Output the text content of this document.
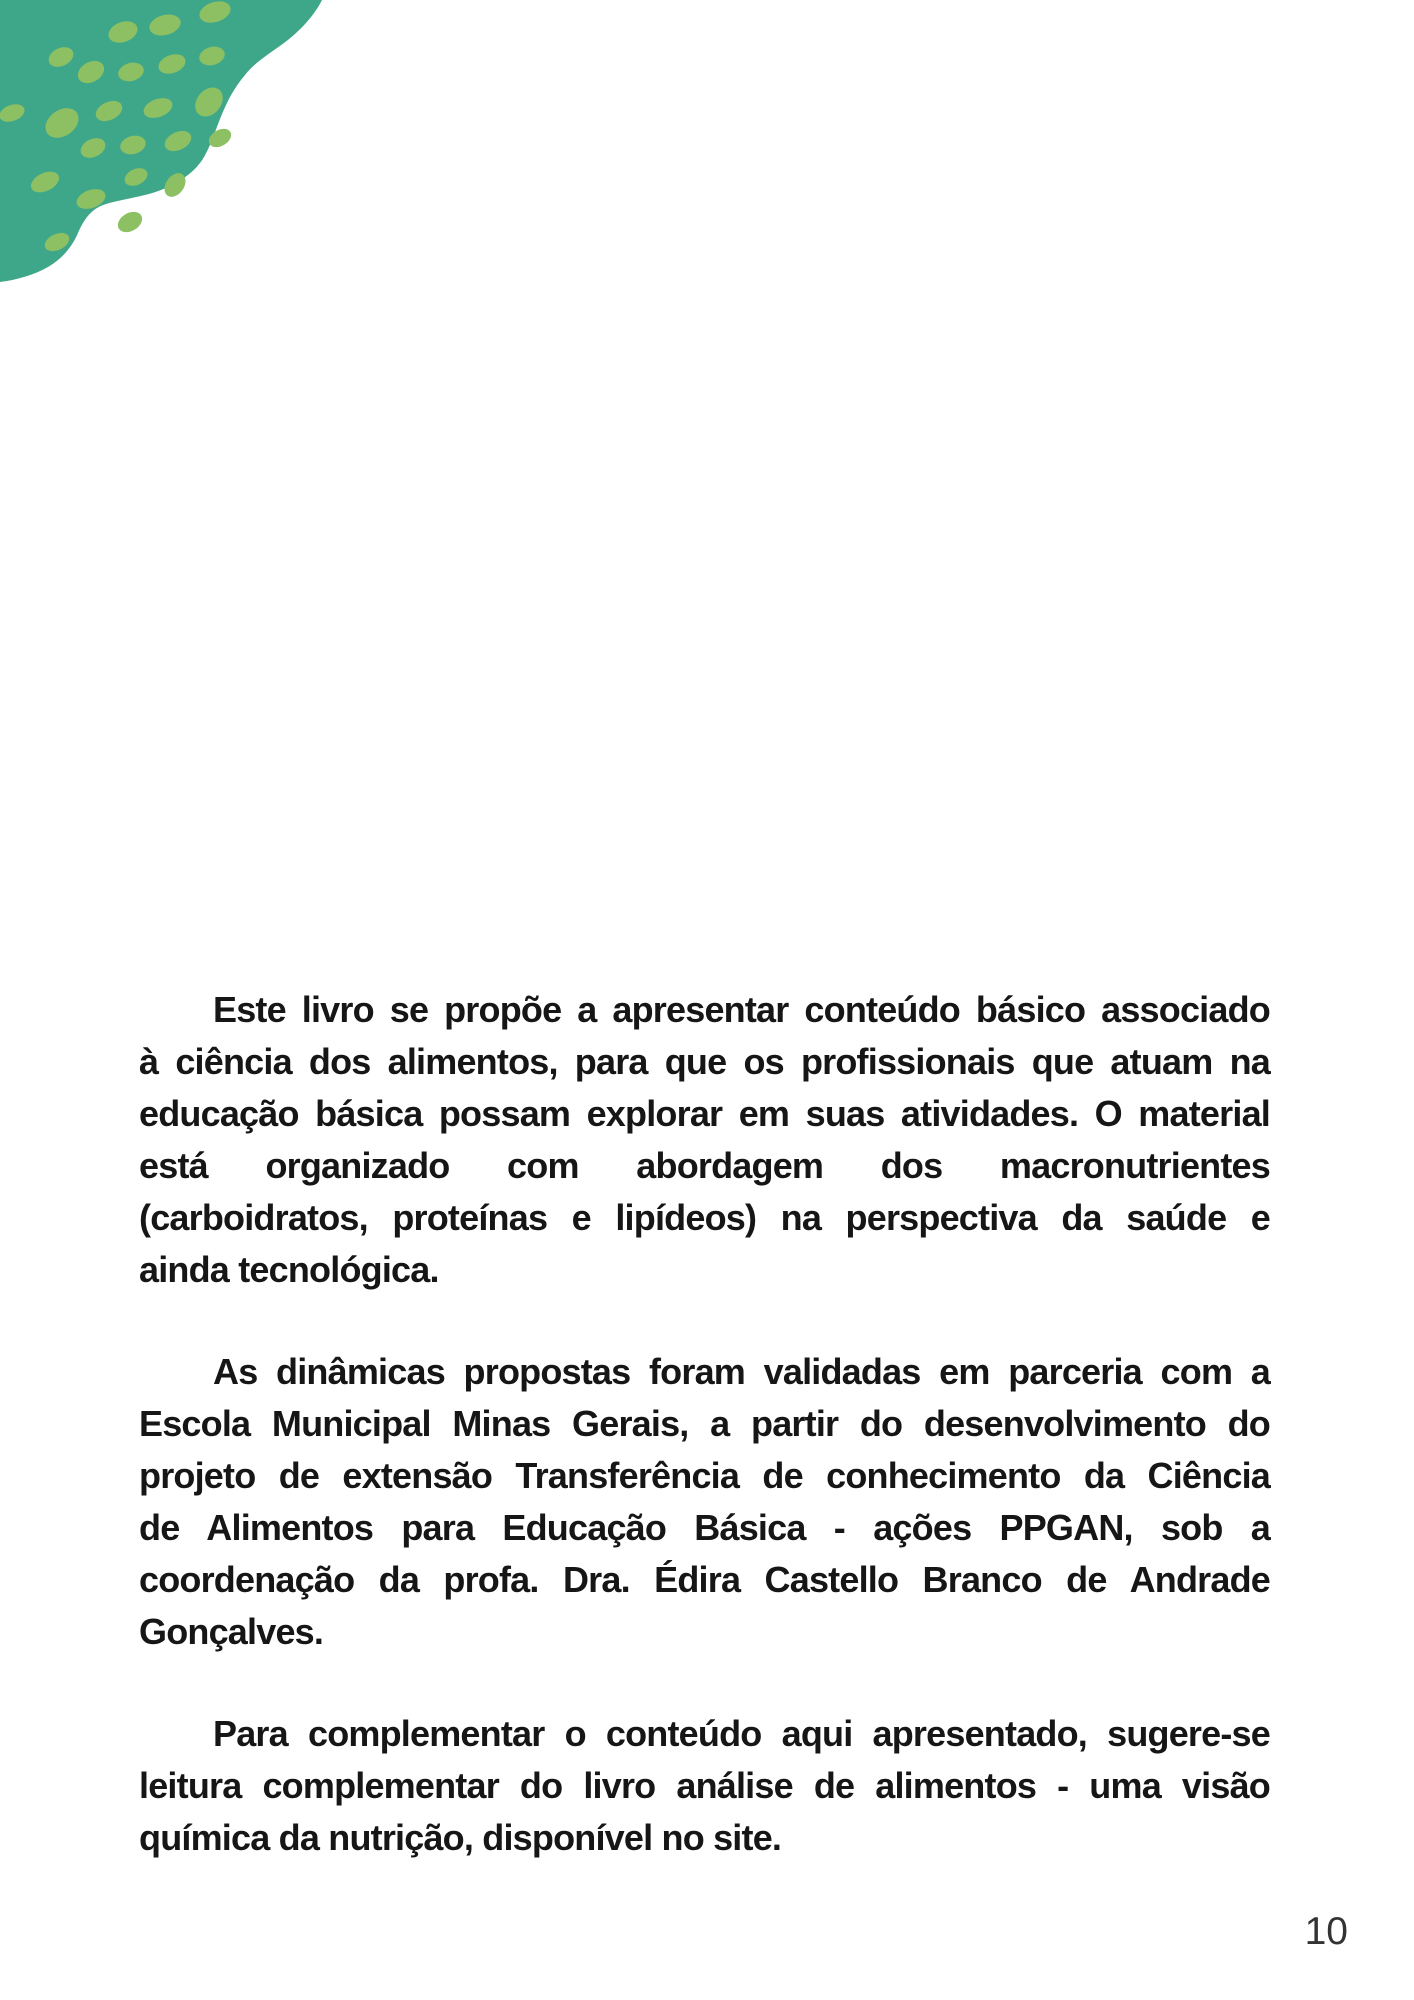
Este livro se propõe a apresentar conteúdo básico associado
à ciência dos alimentos, para que os profissionais que atuam na
educação básica possam explorar em suas atividades. O material
está organizado com abordagem dos macronutrientes
(carboidratos, proteínas e lipídeos) na perspectiva da saúde e
ainda tecnológica.
As dinâmicas propostas foram validadas em parceria com a
Escola Municipal Minas Gerais, a partir do desenvolvimento do
projeto de extensão Transferência de conhecimento da Ciência
de Alimentos para Educação Básica - ações PPGAN, sob a
coordenação da profa. Dra. Édira Castello Branco de Andrade
Gonçalves.
Para complementar o conteúdo aqui apresentado, sugere-se
leitura complementar do livro análise de alimentos - uma visão
química da nutrição, disponível no site.
10
